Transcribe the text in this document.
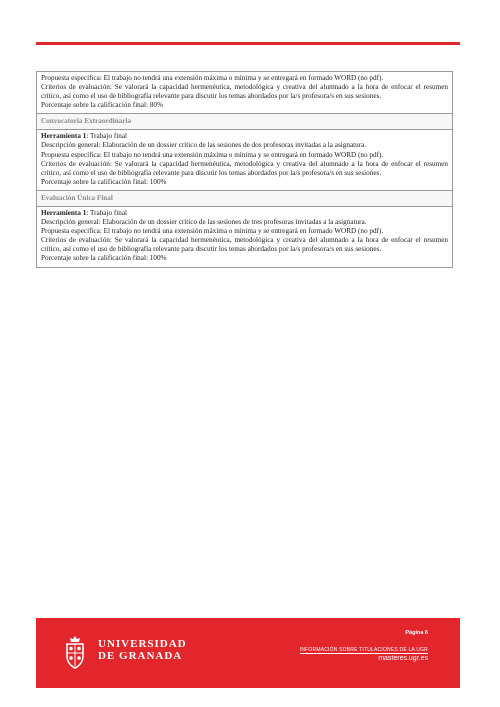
Propuesta específica: El trabajo no tendrá una extensión máxima o mínima y se entregará en formado WORD (no pdf).

Criterios de evaluación: Se valorará la capacidad hermenéutica, metodológica y creativa del alumnado a la hora de enfocar el resumen crítico, así como el uso de bibliografía relevante para discutir los temas abordados por la/s profesora/s en sus sesiones.

Porcentaje sobre la calificación final: 80%

Convocatoria Extraordinaria

Herramienta 1: Trabajo final

Descripción general: Elaboración de un dossier crítico de las sesiones de dos profesoras invitadas a la asignatura.

Propuesta específica: El trabajo no tendrá una extensión máxima o mínima y se entregará en formado WORD (no pdf).

Criterios de evaluación: Se valorará la capacidad hermenéutica, metodológica y creativa del alumnado a la hora de enfocar el resumen crítico, así como el uso de bibliografía relevante para discutir los temas abordados por la/s profesora/s en sus sesiones.

Porcentaje sobre la calificación final: 100%

Evaluación Única Final

Herramienta 1: Trabajo final

Descripción general: Elaboración de un dossier crítico de las sesiones de tres profesoras invitadas a la asignatura.

Propuesta específica: El trabajo no tendrá una extensión máxima o mínima y se entregará en formado WORD (no pdf).

Criterios de evaluación: Se valorará la capacidad hermenéutica, metodológica y creativa del alumnado a la hora de enfocar el resumen crítico, así como el uso de bibliografía relevante para discutir los temas abordados por la/s profesora/s en sus sesiones.

Porcentaje sobre la calificación final: 100%

UNIVERSIDAD
DE GRANADA
Página 6
INFORMACIÓN SOBRE TITULACIONES DE LA UGR
masteres.ugr.es
